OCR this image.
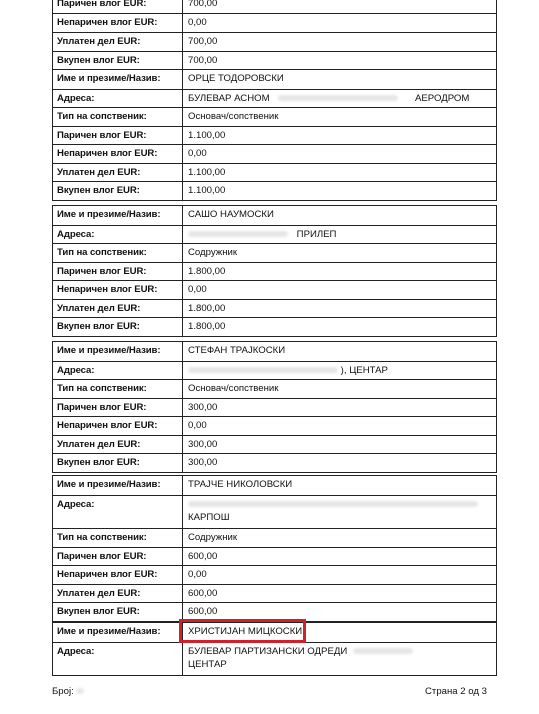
Паричен влог EUR:	700,00
Непаричен влог EUR:	0,00
Уплатен дел EUR:	700,00
Вкупен влог EUR:	700,00
Име и презиме/Назив:	ОРЦЕ ТОДОРОВСКИ
Адреса:	БУЛЕВАР АСНОМ	АЕРОДРОМ
Тип на сопственик:	Основач/сопственик
Паричен влог EUR:	1.100,00
Непаричен влог EUR:	0,00
Уплатен дел EUR:	1.100,00
Вкупен влог EUR:	1.100,00
Име и презиме/Назив:	САШО НАУМОСКИ
Адреса:	ПРИЛЕП
Тип на сопственик:	Содружник
Паричен влог EUR:	1.800,00
Непаричен влог EUR:	0,00
Уплатен дел EUR:	1.800,00
Вкупен влог EUR:	1.800,00
Име и презиме/Назив:	СТЕФАН ТРАЈКОСКИ
Адреса:	), ЦЕНТАР
Тип на сопственик:	Основач/сопственик
Паричен влог EUR:	300,00
Непаричен влог EUR:	0,00
Уплатен дел EUR:	300,00
Вкупен влог EUR:	300,00
Име и презиме/Назив:	ТРАЈЧЕ НИКОЛОВСКИ
Адреса:

КАРПОШ
Тип на сопственик:	Содружник
Паричен влог EUR:	600,00
Непаричен влог EUR:	0,00
Уплатен дел EUR:	600,00
Вкупен влог EUR:	600,00
Име и презиме/Назив:	ХРИСТИЈАН МИЦКОСКИ
Адреса:	БУЛЕВАР ПАРТИЗАНСКИ ОДРЕДИ
ЦЕНТАР
Број:	Страна 2 од 3
